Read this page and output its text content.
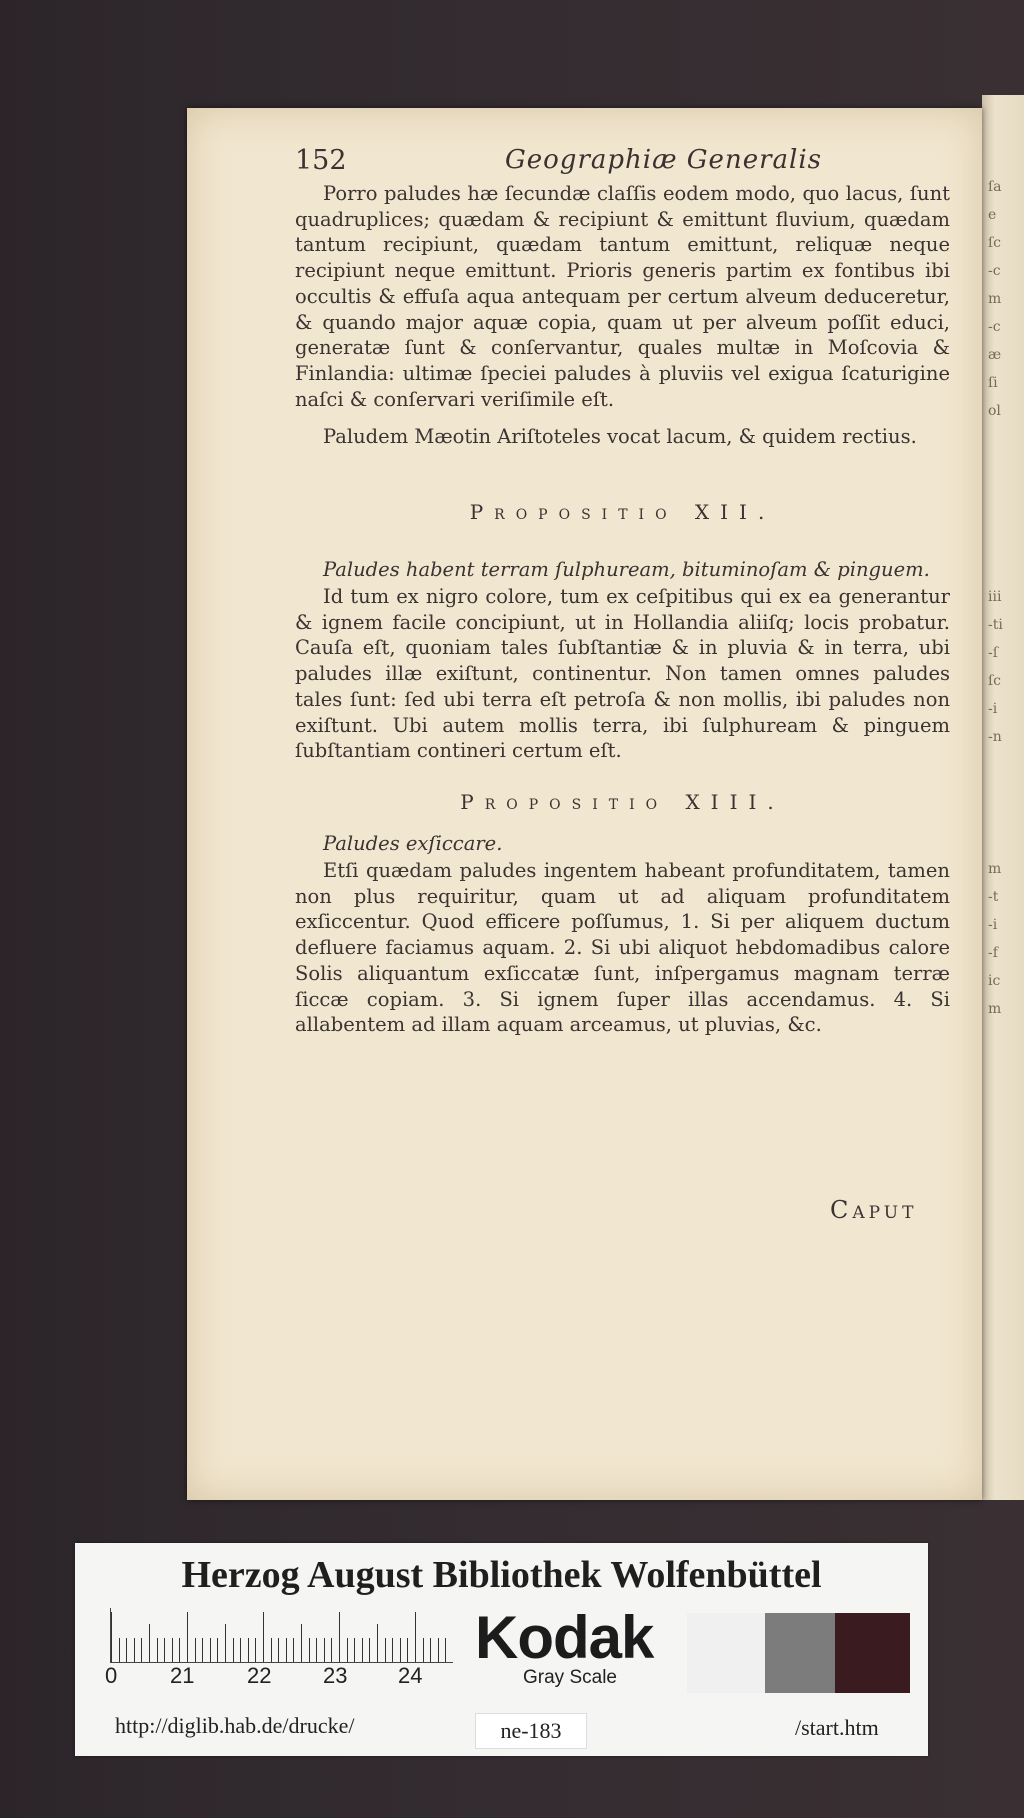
ſa

e

ſc

-c

m

-c

æ

ſi

ol
iii

-ti

-ſ

ſc

-i

-n
m

-t

-i

-f

ic

m
152	Geographiæ Generalis

Porro paludes hæ ſecundæ claſſis eodem modo, quo lacus, ſunt quadruplices; quædam & recipiunt & emittunt fluvium, quædam tantum recipiunt, quædam tantum emittunt, reliquæ neque recipiunt neque emittunt. Prioris generis partim ex fontibus ibi occultis & effuſa aqua antequam per certum alveum deduceretur, & quando major aquæ copia, quam ut per alveum poſſit educi, generatæ ſunt & conſervantur, quales multæ in Moſcovia & Finlandia: ultimæ ſpeciei paludes à pluviis vel exigua ſcaturigine naſci & conſervari veriſimile eſt.

Paludem Mæotin Ariſtoteles vocat lacum, & quidem rectius.

Propositio XII.
Paludes habent terram ſulphuream, bituminoſam & pinguem.

Id tum ex nigro colore, tum ex ceſpitibus qui ex ea generantur & ignem facile concipiunt, ut in Hollandia aliiſq; locis probatur. Cauſa eſt, quoniam tales ſubſtantiæ & in pluvia & in terra, ubi paludes illæ exiſtunt, continentur. Non tamen omnes paludes tales ſunt: ſed ubi terra eſt petroſa & non mollis, ibi paludes non exiſtunt. Ubi autem mollis terra, ibi ſulphuream & pinguem ſubſtantiam contineri certum eſt.

Propositio XIII.
Paludes exſiccare.

Etſi quædam paludes ingentem habeant profunditatem, tamen non plus requiritur, quam ut ad aliquam profunditatem exſiccentur. Quod efficere poſſumus, 1. Si per aliquem ductum defluere faciamus aquam. 2. Si ubi aliquot hebdomadibus calore Solis aliquantum exſiccatæ ſunt, inſpergamus magnam terræ ſiccæ copiam. 3. Si ignem ſuper illas accendamus. 4. Si allabentem ad illam aquam arceamus, ut pluvias, &c.

Caput
Herzog August Bibliothek Wolfenbüttel
0 21 22 23 24
Kodak
Gray Scale
http://diglib.hab.de/drucke/	ne-183	/start.htm
